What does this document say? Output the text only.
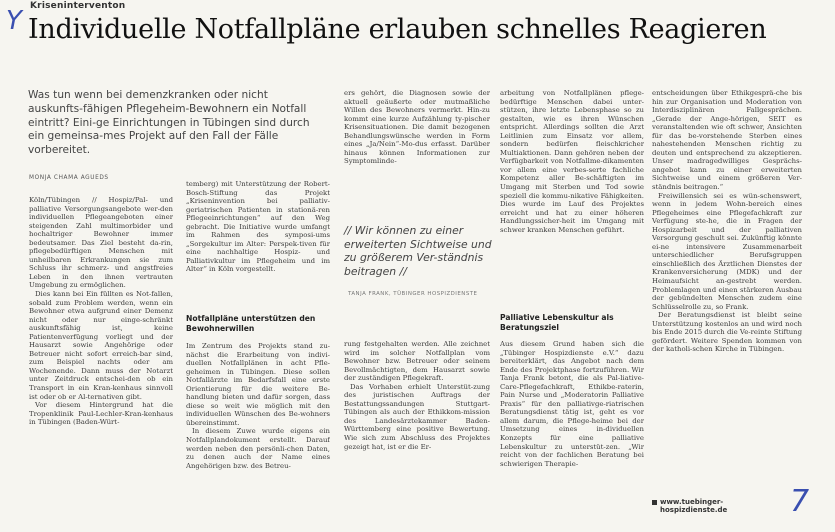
Y Kriseninterventon
Individuelle Notfallpläne erlauben schnelles Reagieren
Was tun wenn bei demenzkranken oder nicht auskunfts-fähigen Pflegeheim-Bewohnern ein Notfall eintritt? Eini-ge Einrichtungen in Tübingen sind durch ein gemeinsa-mes Projekt auf den Fall der Fälle vorbereitet.
MONJA CHAMA AGUEDS

Köln/Tübingen // Hospiz/Pal- und palliative Versorgungsangebote wer-den individuellen Pflegeangeboten einer steigenden Zahl multimorbider und hochaltriger Bewohner immer bedeutsamer. Das Ziel besteht da-rin, pflegebedürftigen Menschen mit unheilbaren Erkrankungen sie zum Schluss ihr schmerz- und angstfreies Leben in den ihnen vertrauten Umgebung zu ermöglichen.

Dies kann bei Ein füllten es Not-fallen, sobald zum Problem werden, wenn ein Bewohner etwa aufgrund einer Demenz nicht oder nur einge-schränkt auskunftsfähig ist, keine Patientenverfügung vorliegt und der Hausarzt sowie Angehörige oder Betreuer nicht sofort erreich-bar sind, zum Beispiel nachts oder am Wochenende. Dann muss der Notarzt unter Zeitdruck entschei-den ob ein Transport in ein Kran-kenhaus sinnvoll ist oder ob er Al-ternativen gibt.

Vor diesem Hintergrund hat die Tropenklinik Paul-Lechler-Kran-kenhaus in Tübingen (Baden-Würt-

temberg) mit Unterstützung der Robert-Bosch-Stiftung das Projekt „Kriseninvention bei palliativ-geriatrischen Patienten in stationä-ren Pflegeeinrichtungen“ auf den Weg gebracht. Die Initiative wurde umfangt im Rahmen des symposi-ums „Sorgekultur im Alter: Perspek-tiven für eine nachhaltige Hospiz- und Palliativkultur im Pflegeheim und im Alter“ in Köln vorgestellt.

Notfallpläne unterstützen den Bewohnerwillen

Im Zentrum des Projekts stand zu-nächst die Erarbeitung von indivi-duellen Notfallplänen in acht Pfle-geheimen in Tübingen. Diese sollen Notfallärzte im Bedarfsfall eine erste Orientierung für die weitere Be-handlung bieten und dafür sorgen, dass diese so weit wie möglich mit den individuellen Wünschen des Be-wohners übereinstimmt.

In diesem Zuwe wurde eigens ein Notfallplandokument erstellt. Darauf werden neben den persönli-chen Daten, zu denen auch der Name eines Angehörigen bzw. des Betreu-

ers gehört, die Diagnosen sowie der aktuell geäußerte oder mutmaßliche Willen des Bewohners vermerkt. Hin-zu kommt eine kurze Aufzählung ty-pischer Krisensituationen. Die damit bezogenen Behandlungswünsche werden in Form eines „Ja/Nein“-Mo-dus erfasst. Darüber hinaus können Informationen zur Symptomlinde-

// Wir können zu einer erweiterten Sichtweise und zu größerem Ver-ständnis beitragen //
TANJA FRANK, TÜBINGER HOSPIZDIENSTE

rung festgehalten werden. Alle zeichnet wird im solcher Notfallplan vom Bewohner bzw. Betreuer oder seinem Bevollmächtigten, dem Hausarzt sowie der zuständigen Pflegekraft.

Das Vorhaben erhielt Unterstüt-zung des juristischen Auftrags der Bestattungssandungen Stuttgart-Tübingen als auch der Ethikkom-mission des Landesärztekammer Baden-Württemberg eine positive Bewertung. Wie sich zum Abschluss des Projektes gezeigt hat, ist er die Er-

arbeitung von Notfallplänen pflege-bedürftige Menschen dabei unter-stützen, ihre letzte Lebensphase so zu gestalten, wie es ihren Wünschen entspricht. Allerdings sollten die Arzt Leitlinien zum Einsatz vor allem, sondern bedürfen fleischkricher Multiaktionen. Dann gehören neben der Verfügbarkeit von Notfallme-dikamenten vor allem eine verbes-serte fachliche Kompetenz aller Be-schäftigten im Umgang mit Sterben und Tod sowie speziell die kommu-nikative Fähigkeiten. Dies wurde im Lauf des Projektes erreicht und hat zu einer höheren Handlungssicher-heit im Umgang mit schwer kranken Menschen geführt.

Palliative Lebenskultur als Beratungsziel

Aus diesem Grund haben sich die „Tübinger Hospizdienste e.V.“ dazu bereiterklärt, das Angebot nach dem Ende des Projektphase fortzuführen. Wir Tanja Frank betont, die als Pal-liative-Care-Pflegefachkraft, Ethikbe-raterin, Pain Nurse und „Moderatorin Palliative Praxis“ für den palliativge-riatrischen Beratungsdienst tätig ist, geht es vor allem darum, die Pflege-heime bei der Umsetzung eines in-dividuellen Konzepts für eine palliative Lebenskultur zu unterstüt-zen. „Wir reicht von der fachlichen Beratung bei schwierigen Therapie-

entscheidungen über Ethikgesprä-che bis hin zur Organisation und Moderation von Interdisziplinären Fallgesprächen. „Gerade der Ange-hörigen, SEIT es veranstaltenden wie oft schwer, Ansichten für das be-vorstehende Sterben eines nahestehenden Menschen richtig zu deuten und entsprechend zu akzeptieren. Unser madragedwilliges Gesprächs-angebot kann zu einer erweiterten Sichtweise und einem größeren Ver-ständnis beitragen.“

Freiwillensich sei es wün-schenswert, wenn in jedem Wohn-bereich eines Pflegeheimes eine Pflegefachkraft zur Verfügung ste-he, die in Fragen der Hospizarbeit und der palliativen Versorgung geschult sei. Zukünftig könnte ei-ne intensivere Zusammenarbeit unterschiedlicher Berufsgruppen einschließlich des Ärztlichen Dienstes der Krankenversicherung (MDK) und der Heimaufsicht an-gestrebt werden. Problemlagen und einen stärkeren Ausbau der gebündelten Menschen zudem eine Schlüsselrolle zu, so Frank.

Der Beratungsdienst ist bleibt seine Unterstützung kostenlos an und wird noch bis Ende 2015 durch die Ve-reinte Stiftung gefördert. Weitere Spenden kommen von der katholi-schen Kirche in Tübingen.

www.tuebinger-hospizdienste.de	7
